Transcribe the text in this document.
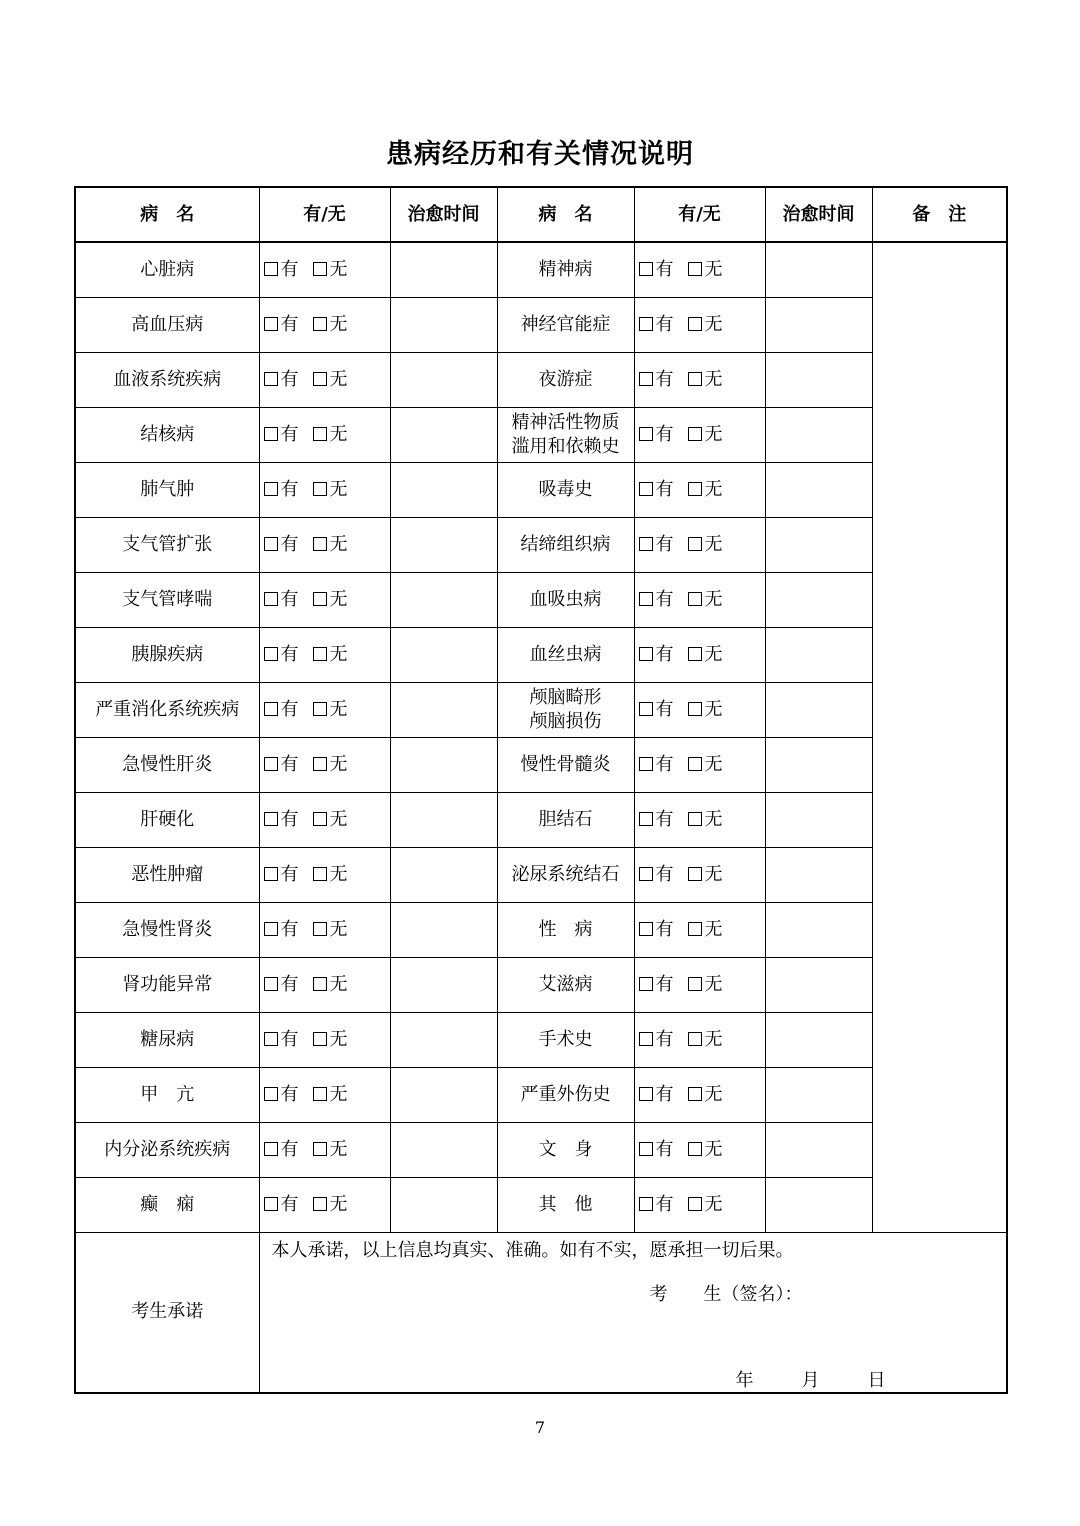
患病经历和有关情况说明
病　名	有/无	治愈时间	病　名	有/无	治愈时间	备　注

心脏病	有 无		精神病	有 无		

高血压病	有 无		神经官能症	有 无		

血液系统疾病	有 无		夜游症	有 无		

结核病	有 无		精神活性物质
滥用和依赖史	有 无		

肺气肿	有 无		吸毒史	有 无		

支气管扩张	有 无		结缔组织病	有 无		

支气管哮喘	有 无		血吸虫病	有 无		

胰腺疾病	有 无		血丝虫病	有 无		

严重消化系统疾病	有 无		颅脑畸形
颅脑损伤	有 无		

急慢性肝炎	有 无		慢性骨髓炎	有 无		

肝硬化	有 无		胆结石	有 无		

恶性肿瘤	有 无		泌尿系统结石	有 无		

急慢性肾炎	有 无		性　病	有 无		

肾功能异常	有 无		艾滋病	有 无		

糖尿病	有 无		手术史	有 无		

甲　亢	有 无		严重外伤史	有 无		

内分泌系统疾病	有 无		文　身	有 无		

癫　痫	有 无		其　他	有 无		
考生承诺	本人承诺，以上信息均真实、准确。如有不实，愿承担一切后果。
考　　生（签名）：
年 月 日					
7
